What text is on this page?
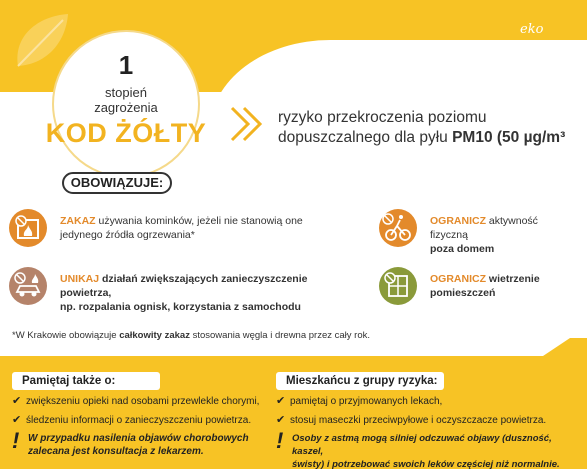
eko
⛰ MAŁOPOLSKA
1
stopień
zagrożenia
KOD ŻÓŁTY
ryzyko przekroczenia poziomu
dopuszczalnego dla pyłu PM10 (50 µg/m³
OBOWIĄZUJE:
ZAKAZ używania kominków, jeżeli nie stanowią one
jedynego źródła ogrzewania*
OGRANICZ aktywność fizyczną
poza domem
UNIKAJ działań zwiększających zanieczyszczenie powietrza,
np. rozpalania ognisk, korzystania z samochodu
OGRANICZ wietrzenie
pomieszczeń
*W Krakowie obowiązuje całkowity zakaz stosowania węgla i drewna przez cały rok.
Pamiętaj także o:
✔ zwiększeniu opieki nad osobami przewlekle chorymi,
✔ śledzeniu informacji o zanieczyszczeniu powietrza.
! W przypadku nasilenia objawów chorobowych
zalecana jest konsultacja z lekarzem.
Mieszkańcu z grupy ryzyka:
✔ pamiętaj o przyjmowanych lekach,
✔ stosuj maseczki przeciwpyłowe i oczyszczacze powietrza.
! Osoby z astmą mogą silniej odczuwać objawy (duszność, kaszel,
świsty) i potrzebować swoich leków częściej niż normalnie.
